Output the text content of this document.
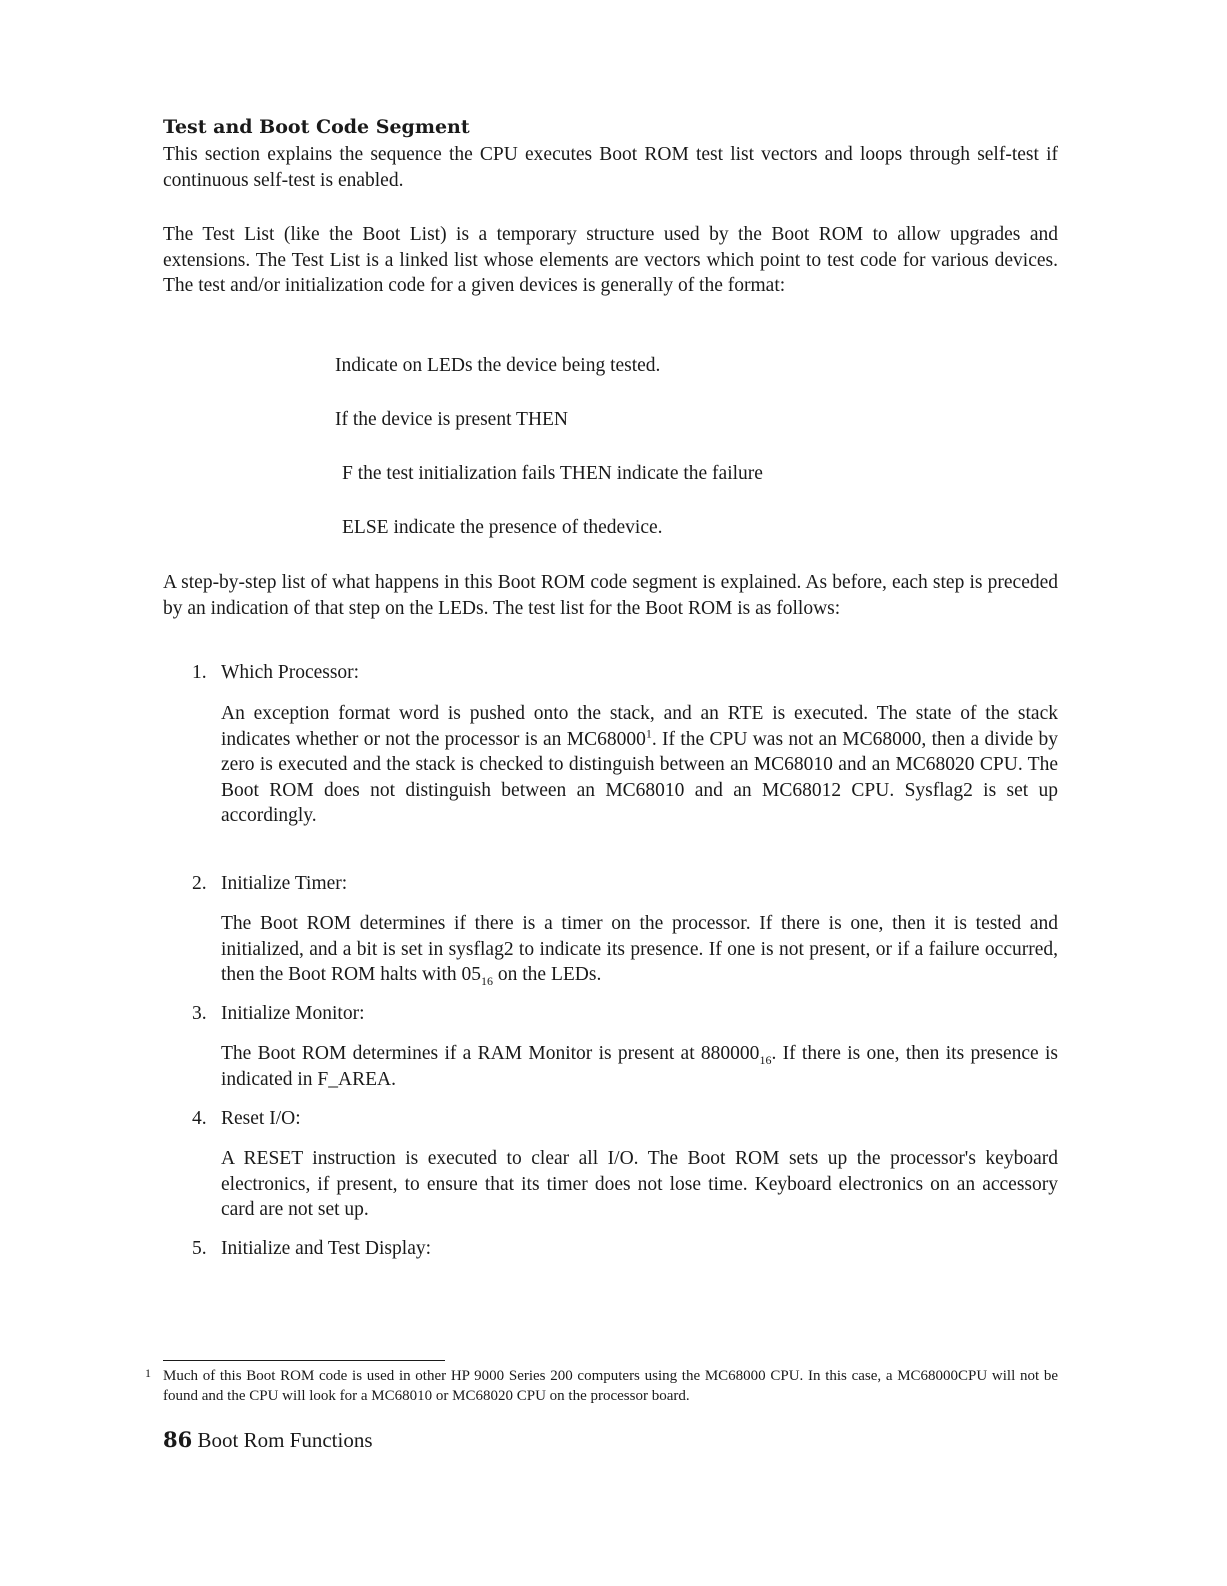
Test and Boot Code Segment

This section explains the sequence the CPU executes Boot ROM test list vectors and loops through self-test if continuous self-test is enabled.

The Test List (like the Boot List) is a temporary structure used by the Boot ROM to allow upgrades and extensions. The Test List is a linked list whose elements are vectors which point to test code for various devices. The test and/or initialization code for a given devices is generally of the format:

Indicate on LEDs the device being tested.
If the device is present THEN
F the test initialization fails THEN indicate the failure
ELSE indicate the presence of thedevice.

A step-by-step list of what happens in this Boot ROM code segment is explained. As before, each step is preceded by an indication of that step on the LEDs. The test list for the Boot ROM is as follows:

1. Which Processor:

An exception format word is pushed onto the stack, and an RTE is executed. The state of the stack indicates whether or not the processor is an MC68000$^1$. If the CPU was not an MC68000, then a divide by zero is executed and the stack is checked to distinguish between an MC68010 and an MC68020 CPU. The Boot ROM does not distinguish between an MC68010 and an MC68012 CPU. Sysflag2 is set up accordingly.

2. Initialize Timer:

The Boot ROM determines if there is a timer on the processor. If there is one, then it is tested and initialized, and a bit is set in sysflag2 to indicate its presence. If one is not present, or if a failure occurred, then the Boot ROM halts with $05_{16}$ on the LEDs.

3. Initialize Monitor:

The Boot ROM determines if a RAM Monitor is present at $880000_{16}$. If there is one, then its presence is indicated in F_AREA.

4. Reset I/O:

A RESET instruction is executed to clear all I/O. The Boot ROM sets up the processor's keyboard electronics, if present, to ensure that its timer does not lose time. Keyboard electronics on an accessory card are not set up.

5. Initialize and Test Display:
1 Much of this Boot ROM code is used in other HP 9000 Series 200 computers using the MC68000 CPU. In this case, a MC68000CPU will not be found and the CPU will look for a MC68010 or MC68020 CPU on the processor board.

86 Boot Rom Functions
